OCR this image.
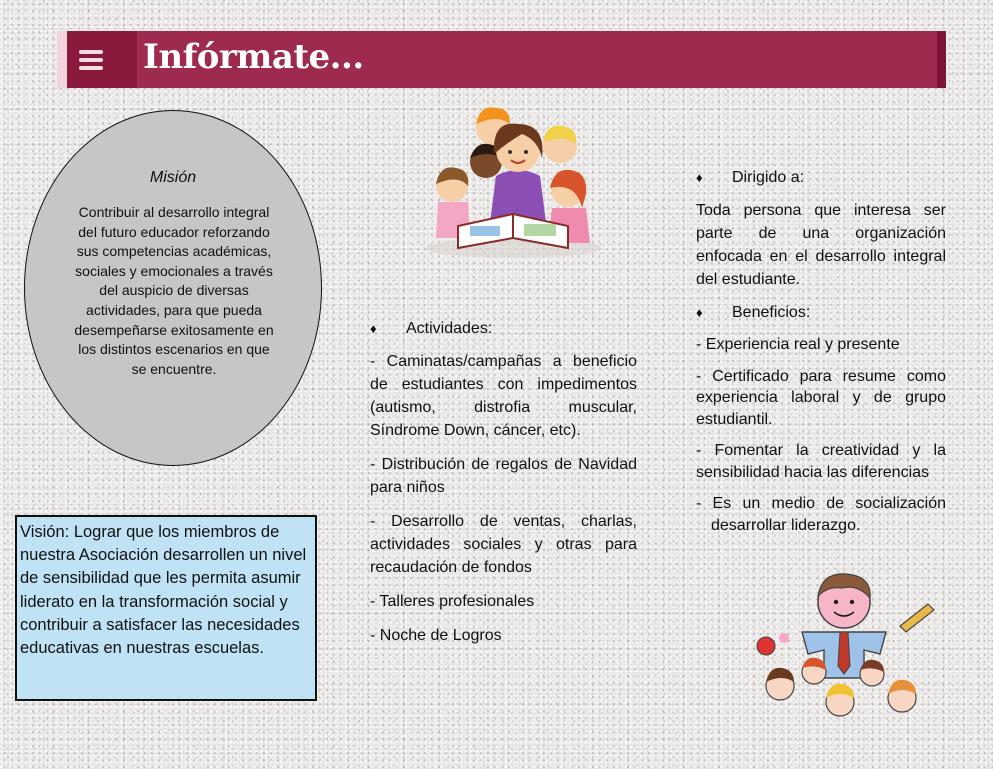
Infórmate...
Misión

Contribuir al desarrollo integral del futuro educador reforzando sus competencias académicas, sociales y emocionales a través del auspicio de diversas actividades, para que pueda desempeñarse exitosamente en los distintos escenarios en que se encuentre.

Visión: Lograr que los miembros de nuestra Asociación desarrollen un nivel de sensibilidad que les permita asumir liderato en la transformación social y contribuir a satisfacer las necesidades educativas en nuestras escuelas.
♦ Actividades:
- Caminatas/campañas a beneficio de estudiantes con impedimentos (autismo, distrofia muscular, Síndrome Down, cáncer, etc).
- Distribución de regalos de Navidad para niños
- Desarrollo de ventas, charlas, actividades sociales y otras para recaudación de fondos
- Talleres profesionales
- Noche de Logros
♦ Dirigido a:
Toda persona que interesa ser parte de una organización enfocada en el desarrollo integral del estudiante.
♦ Beneficios:
- Experiencia real y presente
- Certificado para resume como experiencia laboral y de grupo estudiantil.
- Fomentar la creatividad y la sensibilidad hacia las diferencias
- Es un medio de socialización desarrollar liderazgo.
